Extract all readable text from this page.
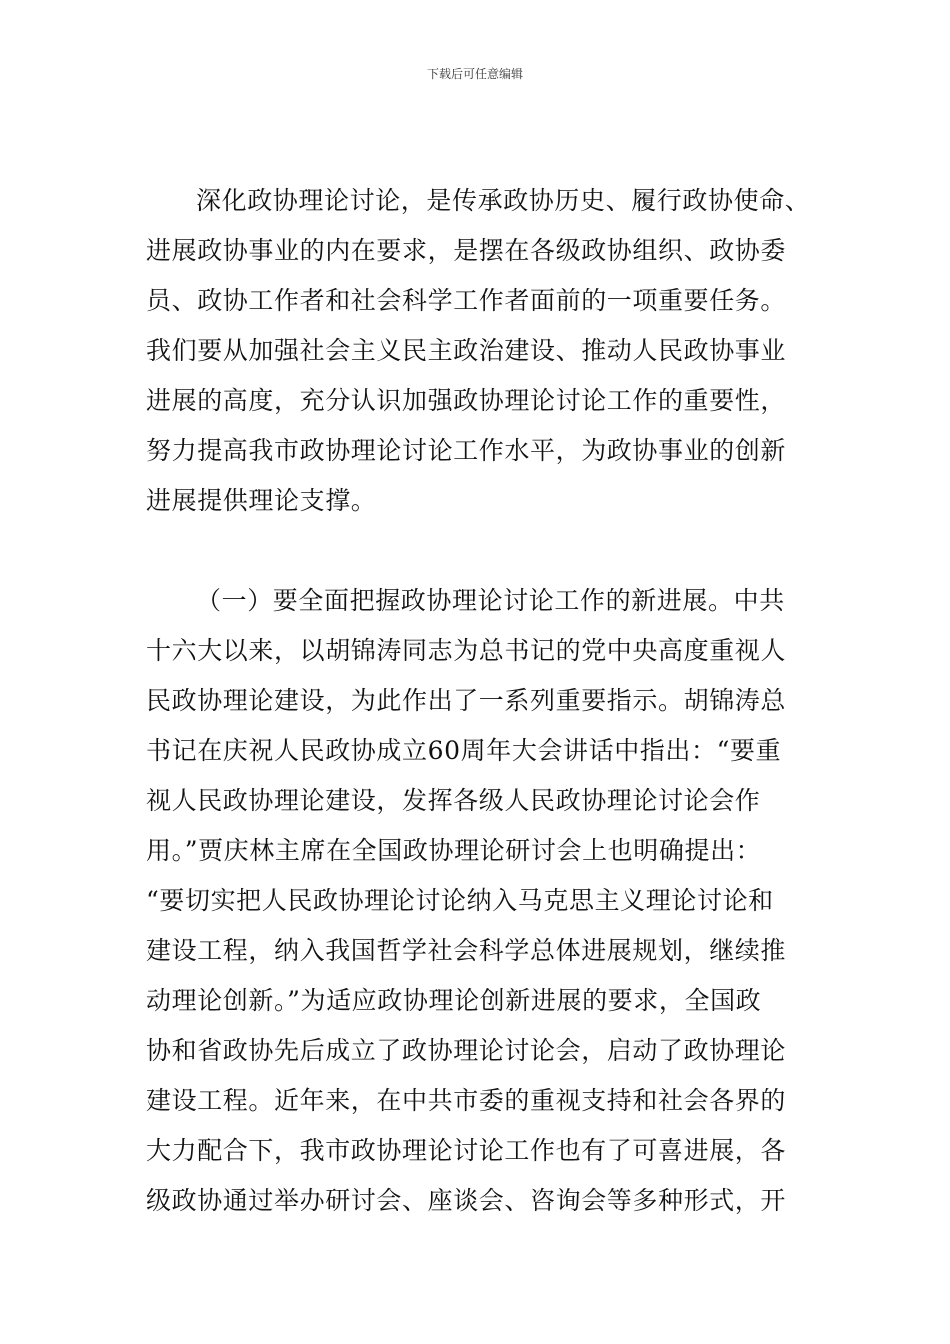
下载后可任意编辑
深化政协理论讨论，是传承政协历史、履行政协使命、
进展政协事业的内在要求，是摆在各级政协组织、政协委
员、政协工作者和社会科学工作者面前的一项重要任务。
我们要从加强社会主义民主政治建设、推动人民政协事业
进展的高度，充分认识加强政协理论讨论工作的重要性，
努力提高我市政协理论讨论工作水平，为政协事业的创新
进展提供理论支撑。
（一）要全面把握政协理论讨论工作的新进展。中共
十六大以来，以胡锦涛同志为总书记的党中央高度重视人
民政协理论建设，为此作出了一系列重要指示。胡锦涛总
书记在庆祝人民政协成立60周年大会讲话中指出：“要重
视人民政协理论建设，发挥各级人民政协理论讨论会作
用。”贾庆林主席在全国政协理论研讨会上也明确提出：
“要切实把人民政协理论讨论纳入马克思主义理论讨论和
建设工程，纳入我国哲学社会科学总体进展规划，继续推
动理论创新。”为适应政协理论创新进展的要求，全国政
协和省政协先后成立了政协理论讨论会，启动了政协理论
建设工程。近年来，在中共市委的重视支持和社会各界的
大力配合下，我市政协理论讨论工作也有了可喜进展，各
级政协通过举办研讨会、座谈会、咨询会等多种形式，开
